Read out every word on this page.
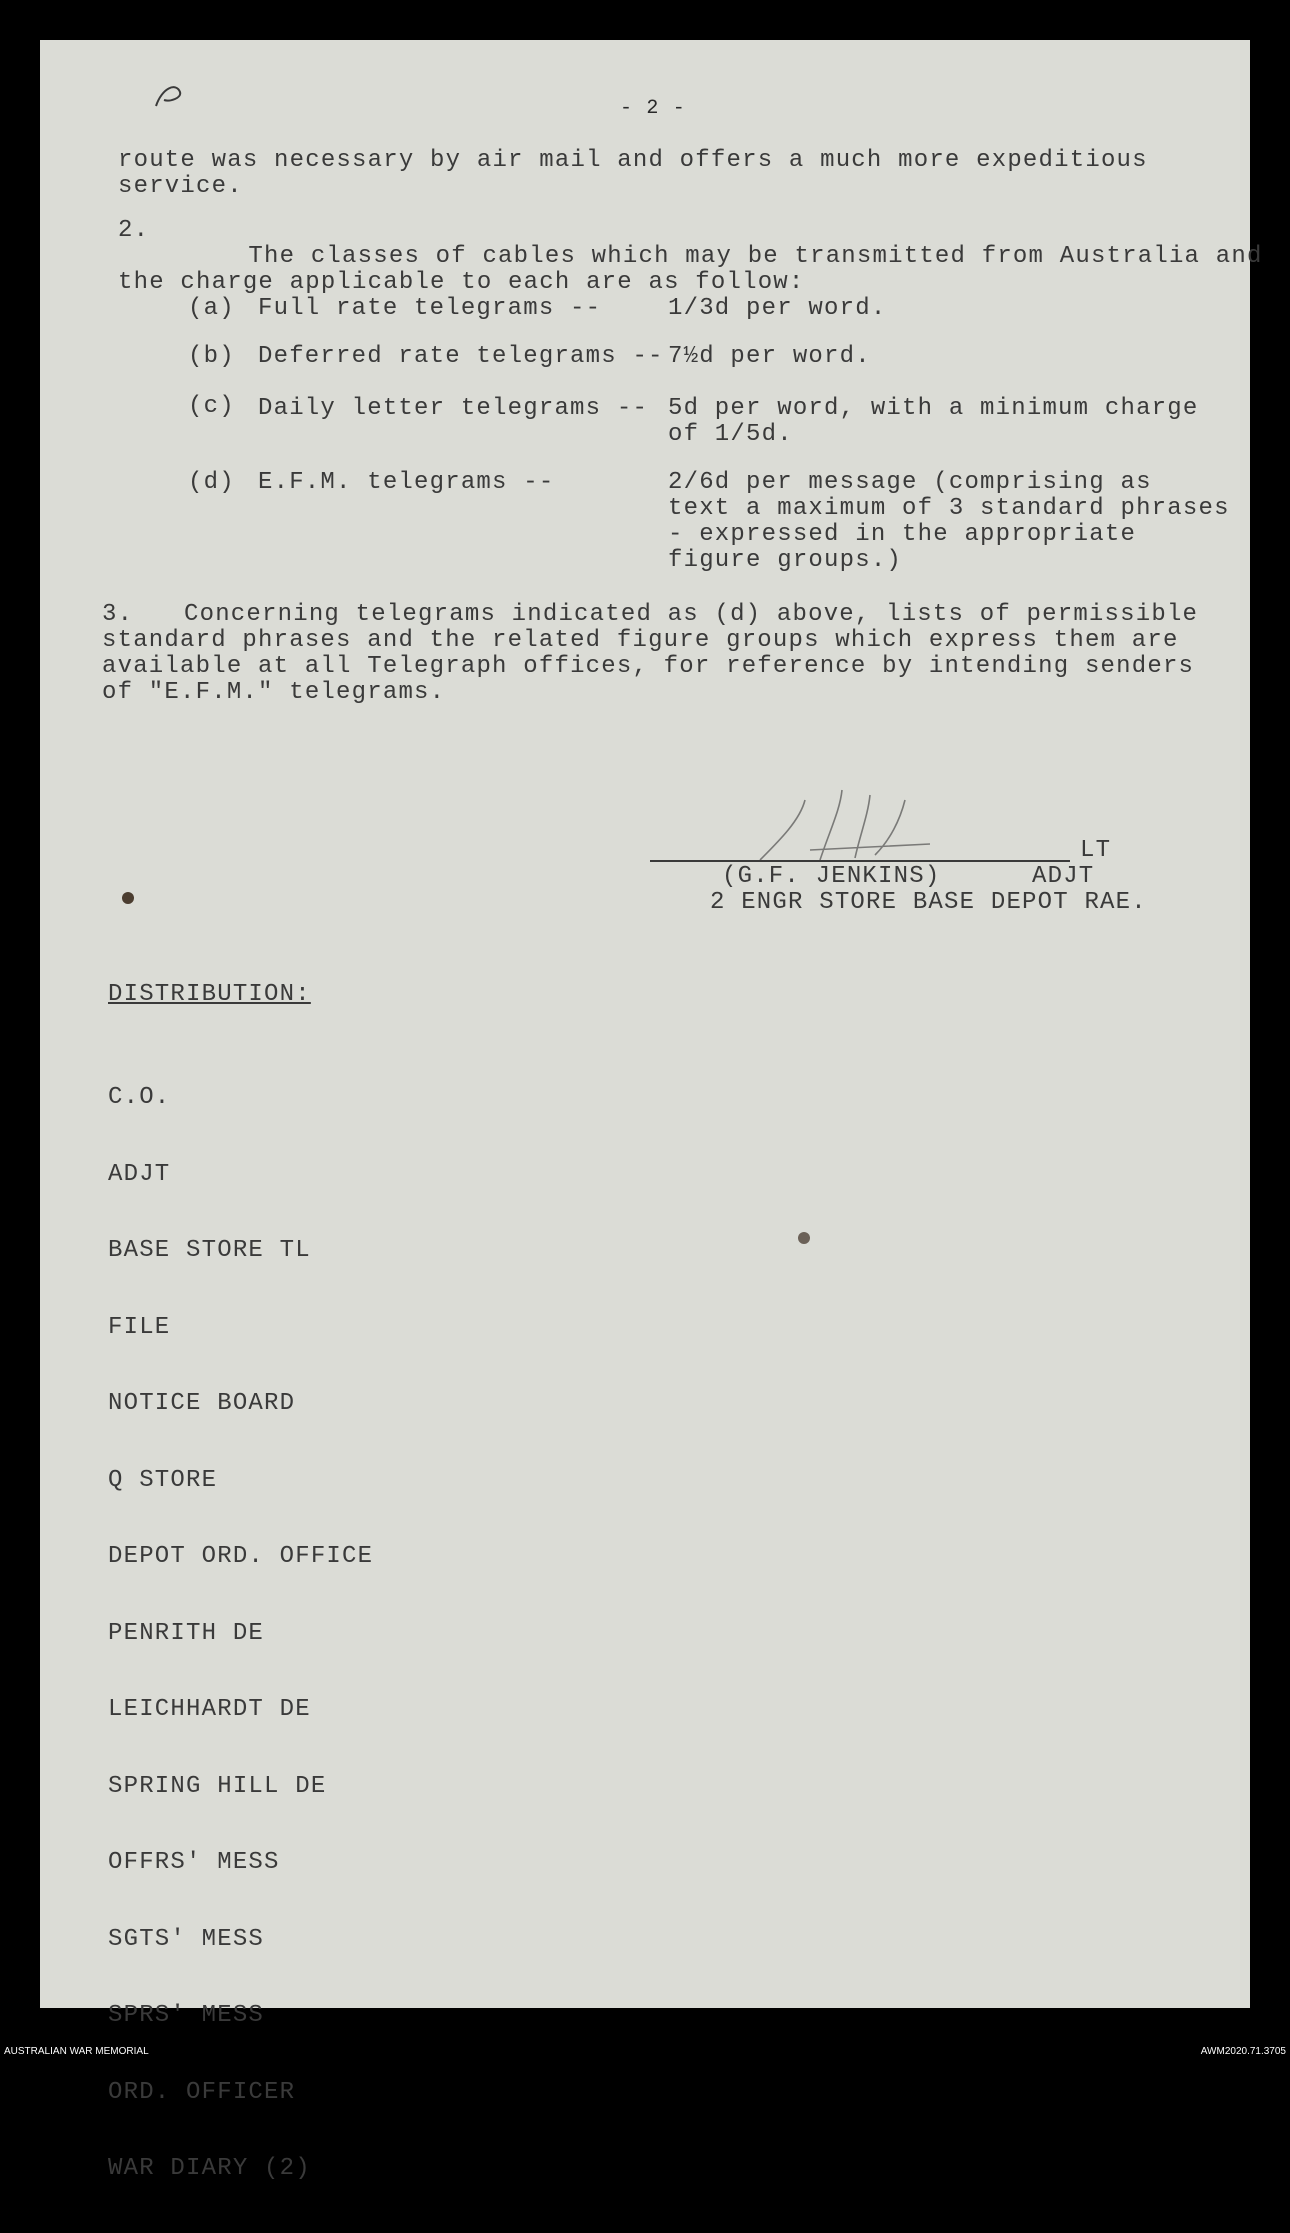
- 2 -
route was necessary by air mail and offers a much more expeditious
service.
2.

The classes of cables which may be transmitted from Australia and
the charge applicable to each are as follow:

(a) Full rate telegrams --	1/3d per word.
(b) Deferred rate telegrams -- 7½d per word.
(c) Daily letter telegrams -- 5d per word, with a minimum charge
of 1/5d.
(d) E.F.M. telegrams --	2/6d per message (comprising as
text a maximum of 3 standard phrases
- expressed in the appropriate
figure groups.)
3.	Concerning telegrams indicated as (d) above, lists of permissible
standard phrases and the related figure groups which express them are
available at all Telegraph offices, for reference by intending senders
of "E.F.M." telegrams.
LT
(G.F. JENKINS)	ADJT
2 ENGR STORE BASE DEPOT RAE.
DISTRIBUTION:

C.O.

ADJT

BASE STORE TL

FILE

NOTICE BOARD

Q STORE

DEPOT ORD. OFFICE

PENRITH DE

LEICHHARDT DE

SPRING HILL DE

OFFRS' MESS

SGTS' MESS

SPRS' MESS

ORD. OFFICER

WAR DIARY (2)

AUSTRALIAN WAR MEMORIAL	AWM2020.71.3705
